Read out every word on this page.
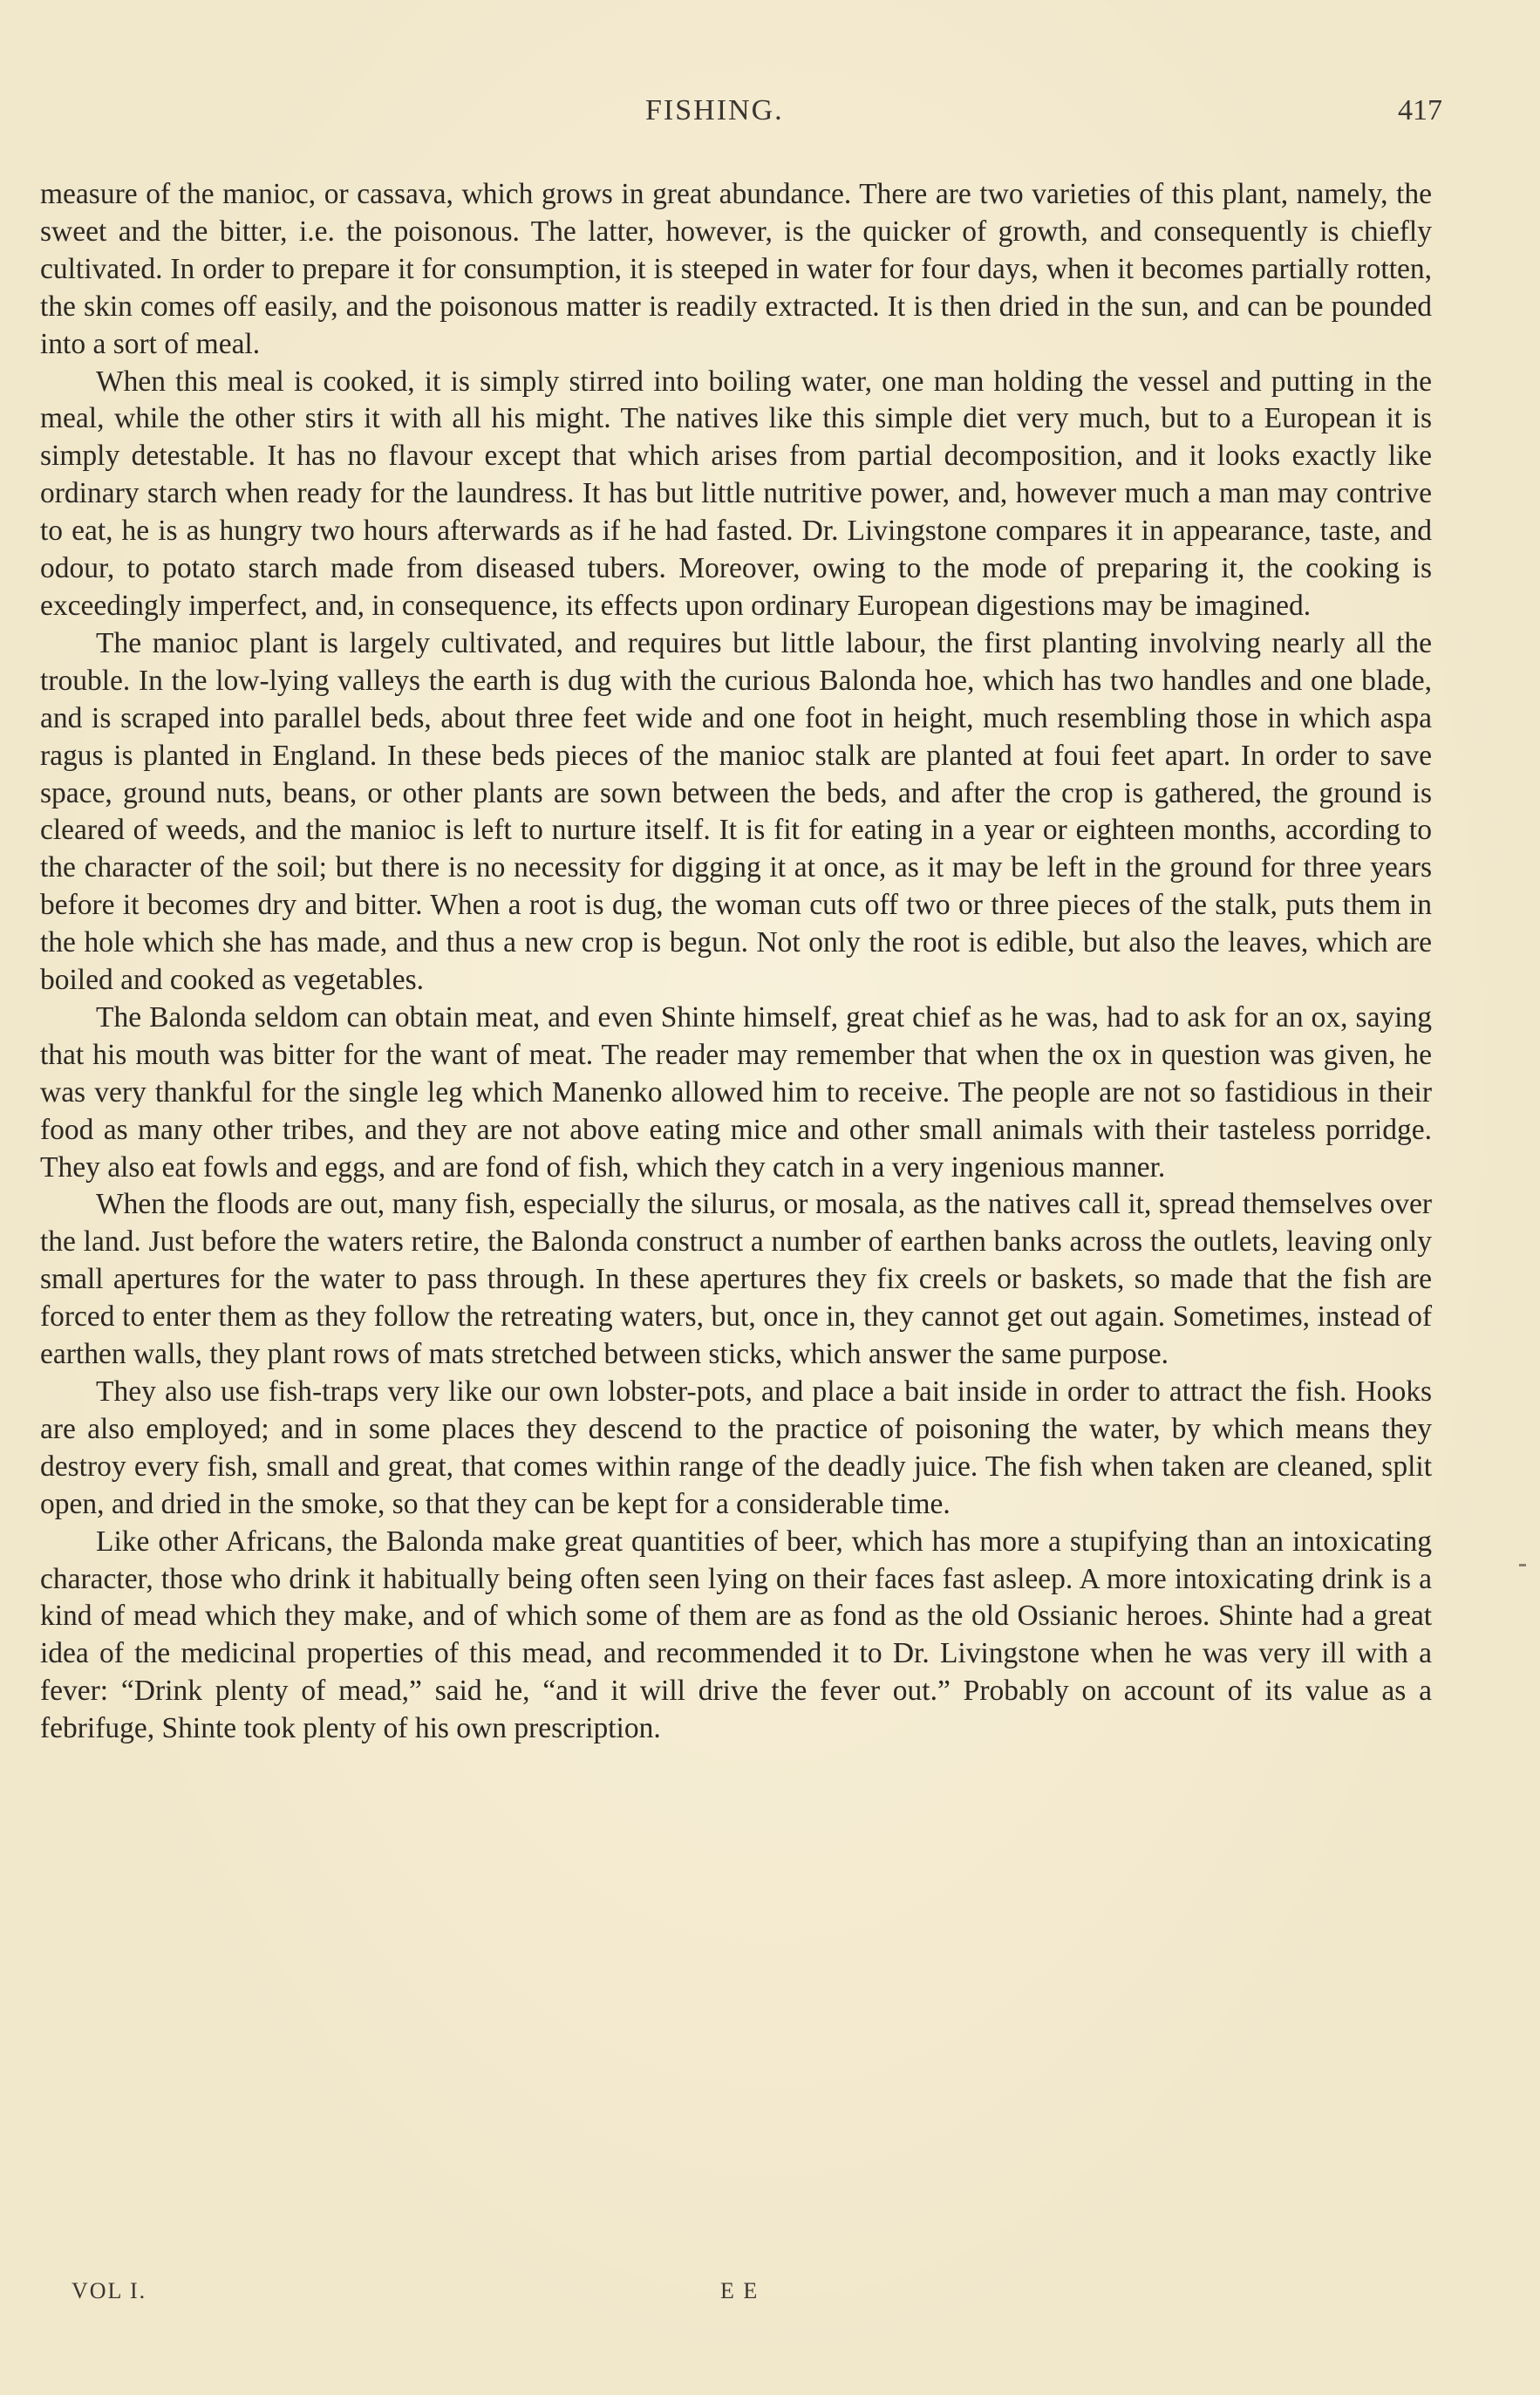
FISHING.	417

measure of the manioc, or cassava, which grows in great abundance. There are two varieties of this plant, namely, the sweet and the bitter, i.e. the poisonous. The latter, however, is the quicker of growth, and consequently is chiefly cultivated. In order to prepare it for consumption, it is steeped in water for four days, when it becomes partially rotten, the skin comes off easily, and the poisonous matter is readily extracted. It is then dried in the sun, and can be pounded into a sort of meal.

When this meal is cooked, it is simply stirred into boiling water, one man holding the vessel and putting in the meal, while the other stirs it with all his might. The natives like this simple diet very much, but to a European it is simply detestable. It has no flavour except that which arises from partial decomposition, and it looks exactly like ordinary starch when ready for the laundress. It has but little nutritive power, and, however much a man may contrive to eat, he is as hungry two hours afterwards as if he had fasted. Dr. Livingstone compares it in appearance, taste, and odour, to potato starch made from diseased tubers. Moreover, owing to the mode of preparing it, the cooking is exceedingly imperfect, and, in consequence, its effects upon ordinary European digestions may be imagined.

The manioc plant is largely cultivated, and requires but little labour, the first planting involving nearly all the trouble. In the low-lying valleys the earth is dug with the curious Balonda hoe, which has two handles and one blade, and is scraped into parallel beds, about three feet wide and one foot in height, much resembling those in which aspa ragus is planted in England. In these beds pieces of the manioc stalk are planted at foui feet apart. In order to save space, ground nuts, beans, or other plants are sown between the beds, and after the crop is gathered, the ground is cleared of weeds, and the manioc is left to nurture itself. It is fit for eating in a year or eighteen months, according to the character of the soil; but there is no necessity for digging it at once, as it may be left in the ground for three years before it becomes dry and bitter. When a root is dug, the woman cuts off two or three pieces of the stalk, puts them in the hole which she has made, and thus a new crop is begun. Not only the root is edible, but also the leaves, which are boiled and cooked as vegetables.

The Balonda seldom can obtain meat, and even Shinte himself, great chief as he was, had to ask for an ox, saying that his mouth was bitter for the want of meat. The reader may remember that when the ox in question was given, he was very thankful for the single leg which Manenko allowed him to receive. The people are not so fastidious in their food as many other tribes, and they are not above eating mice and other small animals with their tasteless porridge. They also eat fowls and eggs, and are fond of fish, which they catch in a very ingenious manner.

When the floods are out, many fish, especially the silurus, or mosala, as the natives call it, spread themselves over the land. Just before the waters retire, the Balonda construct a number of earthen banks across the outlets, leaving only small apertures for the water to pass through. In these apertures they fix creels or baskets, so made that the fish are forced to enter them as they follow the retreating waters, but, once in, they cannot get out again. Sometimes, instead of earthen walls, they plant rows of mats stretched between sticks, which answer the same purpose.

They also use fish-traps very like our own lobster-pots, and place a bait inside in order to attract the fish. Hooks are also employed; and in some places they descend to the practice of poisoning the water, by which means they destroy every fish, small and great, that comes within range of the deadly juice. The fish when taken are cleaned, split open, and dried in the smoke, so that they can be kept for a considerable time.

Like other Africans, the Balonda make great quantities of beer, which has more a stupifying than an intoxicating character, those who drink it habitually being often seen lying on their faces fast asleep. A more intoxicating drink is a kind of mead which they make, and of which some of them are as fond as the old Ossianic heroes. Shinte had a great idea of the medicinal properties of this mead, and recommended it to Dr. Livingstone when he was very ill with a fever: “Drink plenty of mead,” said he, “and it will drive the fever out.” Probably on account of its value as a febrifuge, Shinte took plenty of his own prescription.

VOL I.	E E
